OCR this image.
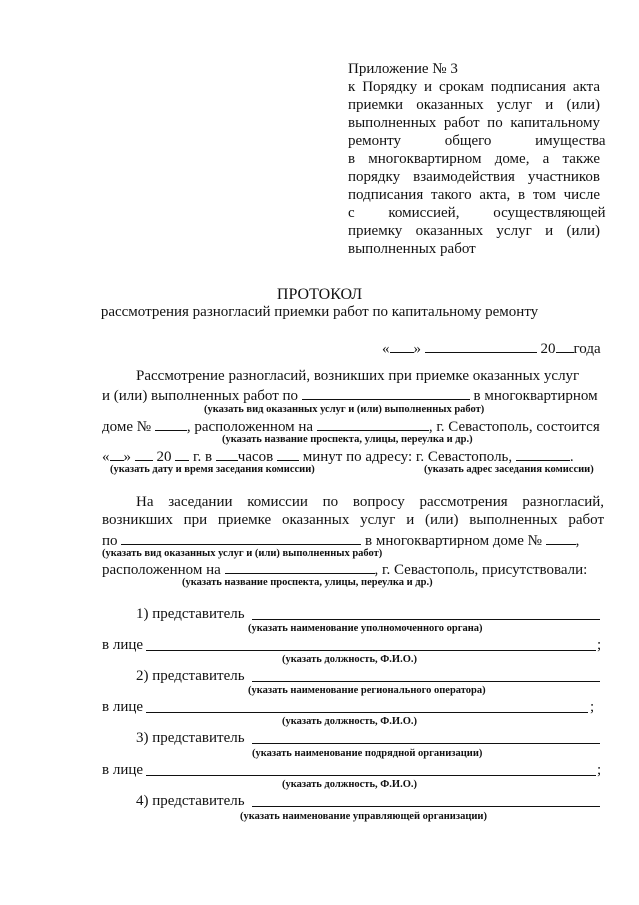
Приложение № 3
к Порядку и срокам подписания акта
приемки оказанных услуг и (или)
выполненных работ по капитальному
ремонту общего имущества
в многоквартирном доме, а также
порядку взаимодействия участников
подписания такого акта, в том числе
с комиссией, осуществляющей
приемку оказанных услуг и (или)
выполненных работ
ПРОТОКОЛ
рассмотрения разногласий приемки работ по капитальному ремонту
« »	20 года
Рассмотрение разногласий, возникших при приемке оказанных услуг
и (или) выполненных работ по	в многоквартирном
(указать вид оказанных услуг и (или) выполненных работ)
доме № , расположенном на	, г. Севастополь, состоится
(указать название проспекта, улицы, переулка и др.)
« » 20 г. в часов минут по адресу: г. Севастополь,	.
(указать дату и время заседания комиссии)	(указать адрес заседания комиссии)
На заседании комиссии по вопросу рассмотрения разногласий,
возникших при приемке оказанных услуг и (или) выполненных работ
по	в многоквартирном доме № ,
(указать вид оказанных услуг и (или) выполненных работ)
расположенном на	, г. Севастополь, присутствовали:
(указать название проспекта, улицы, переулка и др.)
1) представитель
(указать наименование уполномоченного органа)
в лице	;
(указать должность, Ф.И.О.)
2) представитель
(указать наименование регионального оператора)
в лице	;
(указать должность, Ф.И.О.)
3) представитель
(указать наименование подрядной организации)
в лице	;
(указать должность, Ф.И.О.)
4) представитель
(указать наименование управляющей организации)
